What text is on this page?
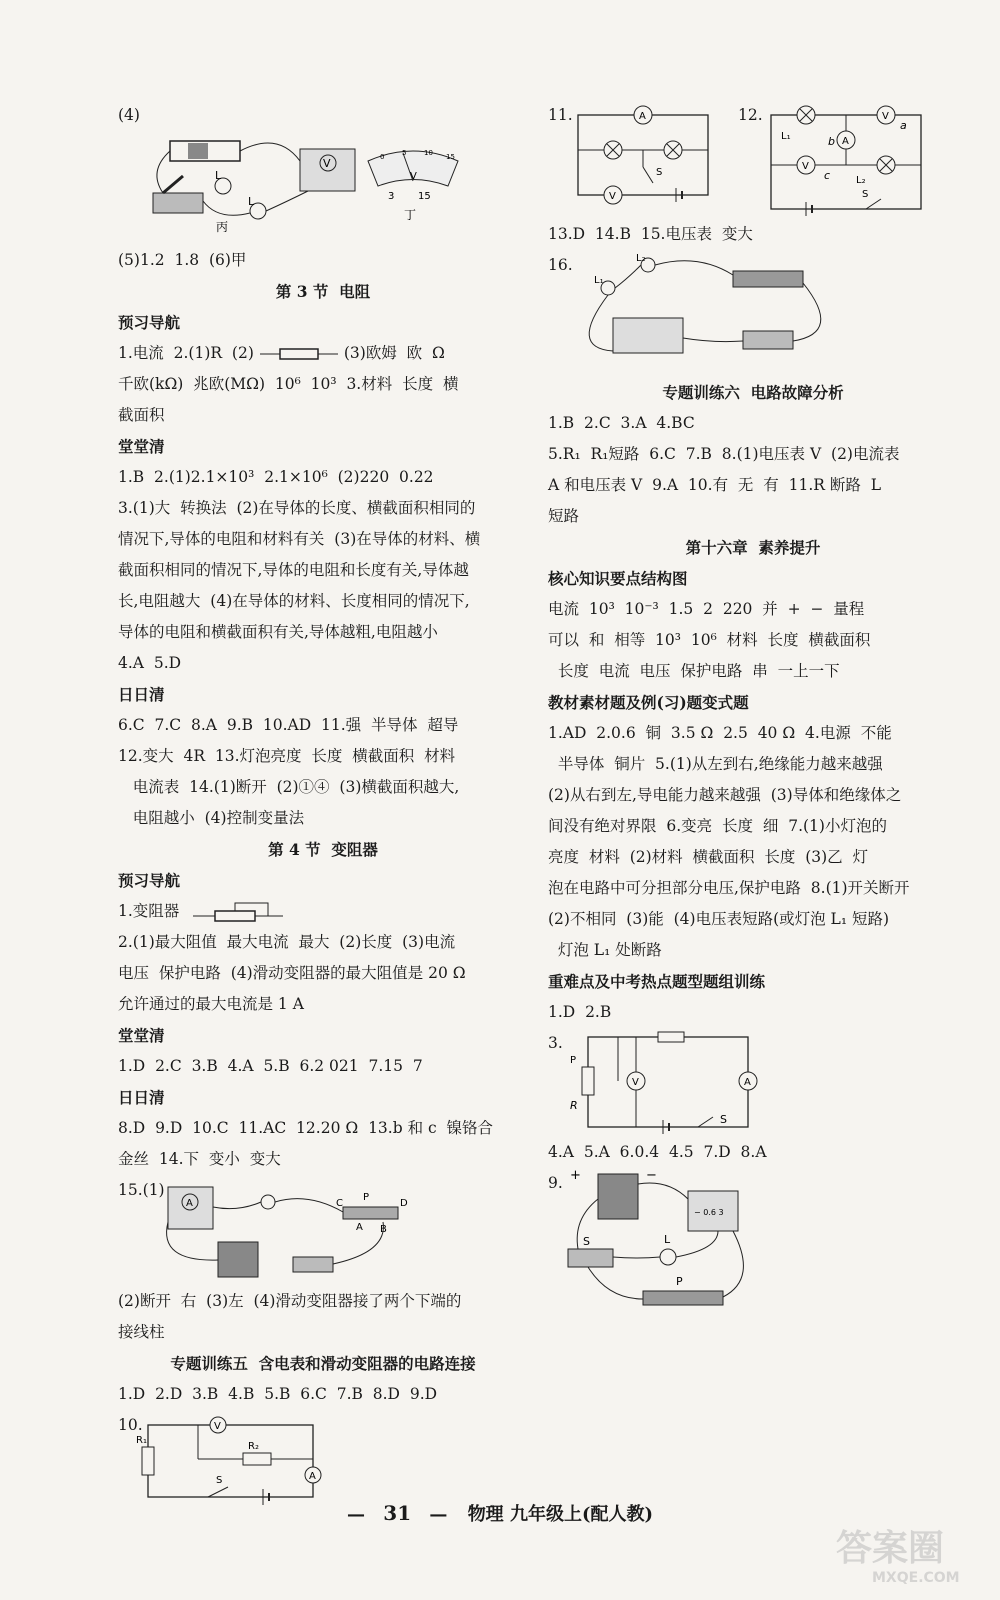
(4)
L
L
V
丙
V
3 15
丁
0	5	10 15
(5)1.2  1.8  (6)甲
第 3 节  电阻
预习导航
1.电流  2.(1)R  (2)	(3)欧姆  欧  Ω
千欧(kΩ)  兆欧(MΩ)  10⁶  10³  3.材料  长度  横
截面积
堂堂清
1.B  2.(1)2.1×10³  2.1×10⁶  (2)220  0.22
3.(1)大  转换法  (2)在导体的长度、横截面积相同的
情况下,导体的电阻和材料有关  (3)在导体的材料、横
截面积相同的情况下,导体的电阻和长度有关,导体越
长,电阻越大  (4)在导体的材料、长度相同的情况下,
导体的电阻和横截面积有关,导体越粗,电阻越小
4.A  5.D
日日清
6.C  7.C  8.A  9.B  10.AD  11.强  半导体  超导
12.变大  4R  13.灯泡亮度  长度  横截面积  材料
电流表  14.(1)断开  (2)①④  (3)横截面积越大,
电阻越小  (4)控制变量法
第 4 节  变阻器
预习导航
1.变阻器
2.(1)最大阻值  最大电流  最大  (2)长度  (3)电流
电压  保护电路  (4)滑动变阻器的最大阻值是 20 Ω
允许通过的最大电流是 1 A
堂堂清
1.D  2.C  3.B  4.A  5.B  6.2 021  7.15  7
日日清
8.D  9.D  10.C  11.AC  12.20 Ω  13.b 和 c  镍铬合
金丝  14.下  变小  变大
15.(1)
A	C
P
D
A B
(2)断开  右  (3)左  (4)滑动变阻器接了两个下端的
接线柱
专题训练五  含电表和滑动变阻器的电路连接
1.D  2.D  3.B  4.B  5.B  6.C  7.B  8.D  9.D
10.
R₁
V
R₂
A
S
11.	A
S
V
12.
L₁
V
a
A
b
V
c	L₂
S
13.D  14.B  15.电压表  变大
16.	L₂
L₁
专题训练六  电路故障分析
1.B  2.C  3.A  4.BC
5.R₁  R₁短路  6.C  7.B  8.(1)电压表 V  (2)电流表
A 和电压表 V  9.A  10.有  无  有  11.R 断路  L
短路
第十六章  素养提升
核心知识要点结构图
电流  10³  10⁻³  1.5  2  220  并  +  −  量程
可以  和  相等  10³  10⁶  材料  长度  横截面积
长度  电流  电压  保护电路  串  一上一下
教材素材题及例(习)题变式题
1.AD  2.0.6  铜  3.5 Ω  2.5  40 Ω  4.电源  不能
半导体  铜片  5.(1)从左到右,绝缘能力越来越强
(2)从右到左,导电能力越来越强  (3)导体和绝缘体之
间没有绝对界限  6.变亮  长度  细  7.(1)小灯泡的
亮度  材料  (2)材料  横截面积  长度  (3)乙  灯
泡在电路中可分担部分电压,保护电路  8.(1)开关断开
(2)不相同  (3)能  (4)电压表短路(或灯泡 L₁ 短路)
灯泡 L₁ 处断路
重难点及中考热点题型题组训练
1.D  2.B
3.
P
R
V	A
S
4.A  5.A  6.0.4  4.5  7.D  8.A
9. +	−
− 0.6 3
S	L
P
— 31 — 物理 九年级上(配人教)
答案圈
MXQE.COM
